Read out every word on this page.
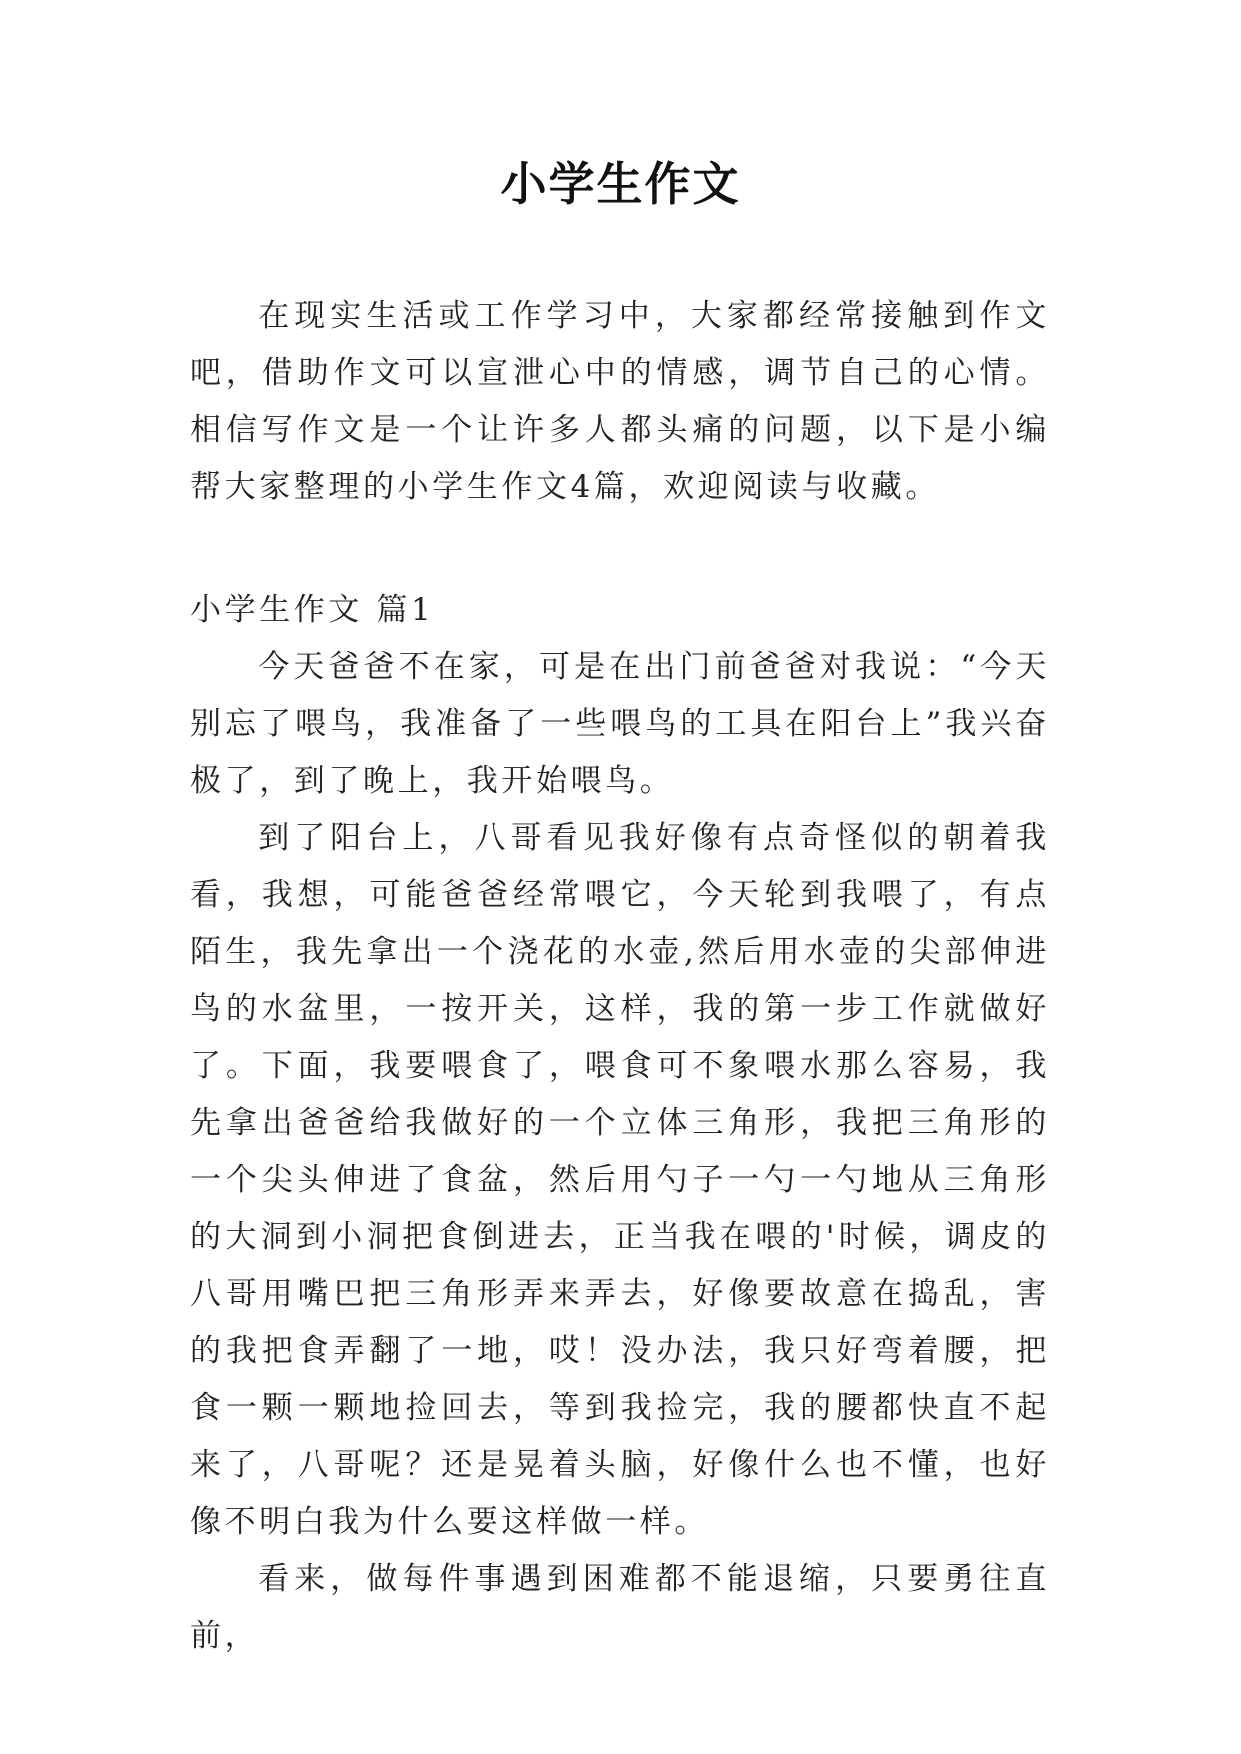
小学生作文

在现实生活或工作学习中，大家都经常接触到作文吧，借助作文可以宣泄心中的情感，调节自己的心情。相信写作文是一个让许多人都头痛的问题，以下是小编帮大家整理的小学生作文4篇，欢迎阅读与收藏。

小学生作文 篇1

今天爸爸不在家，可是在出门前爸爸对我说：“今天别忘了喂鸟，我准备了一些喂鸟的工具在阳台上”我兴奋极了，到了晚上，我开始喂鸟。

到了阳台上，八哥看见我好像有点奇怪似的朝着我看，我想，可能爸爸经常喂它，今天轮到我喂了，有点陌生，我先拿出一个浇花的水壶,然后用水壶的尖部伸进鸟的水盆里，一按开关，这样，我的第一步工作就做好了。下面，我要喂食了，喂食可不象喂水那么容易，我先拿出爸爸给我做好的一个立体三角形，我把三角形的一个尖头伸进了食盆，然后用勺子一勺一勺地从三角形的大洞到小洞把食倒进去，正当我在喂的'时候，调皮的八哥用嘴巴把三角形弄来弄去，好像要故意在捣乱，害的我把食弄翻了一地，哎！没办法，我只好弯着腰，把食一颗一颗地捡回去，等到我捡完，我的腰都快直不起来了，八哥呢？还是晃着头脑，好像什么也不懂，也好像不明白我为什么要这样做一样。

看来，做每件事遇到困难都不能退缩，只要勇往直前，
